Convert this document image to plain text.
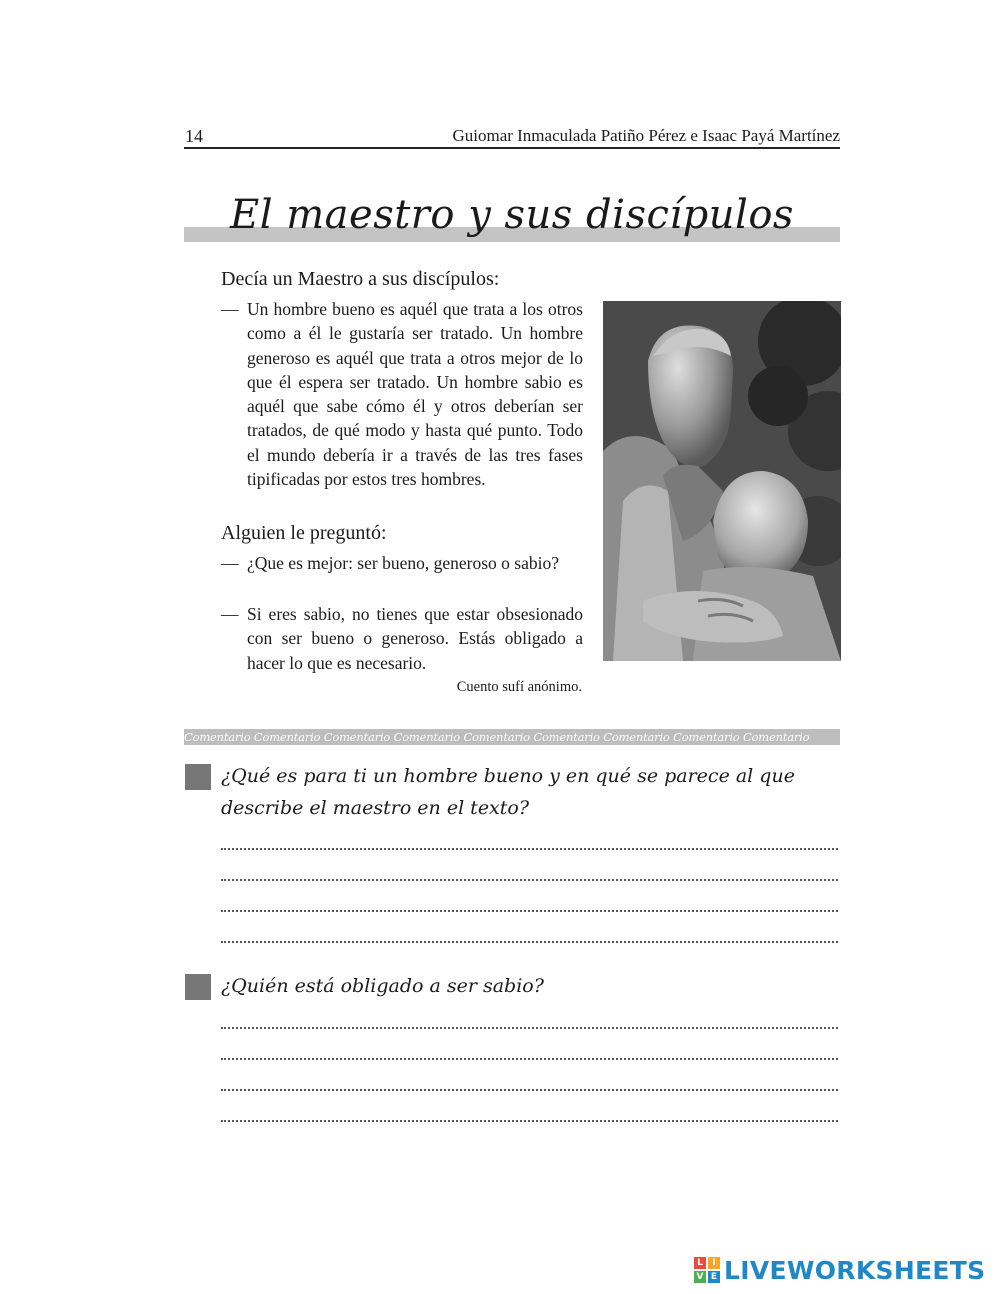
14	Guiomar Inmaculada Patiño Pérez e Isaac Payá Martínez
El maestro y sus discípulos
Decía un Maestro a sus discípulos:
— Un hombre bueno es aquél que trata a los otros como a él le gustaría ser tratado. Un hombre generoso es aquél que trata a otros mejor de lo que él espera ser tratado. Un hombre sabio es aquél que sabe cómo él y otros deberían ser tratados, de qué modo y hasta qué punto. Todo el mundo debería ir a través de las tres fases tipificadas por estos tres hombres.
Alguien le preguntó:
— ¿Que es mejor: ser bueno, generoso o sabio?
— Si eres sabio, no tienes que estar obsesionado con ser bueno o generoso. Estás obligado a hacer lo que es necesario.
Cuento sufí anónimo.
Comentario Comentario Comentario Comentario Comentario Comentario Comentario Comentario Comentario
¿Qué es para ti un hombre bueno y en qué se parece al que describe el maestro en el texto?
¿Quién está obligado a ser sabio?
L	I
V E LIVEWORKSHEETS
